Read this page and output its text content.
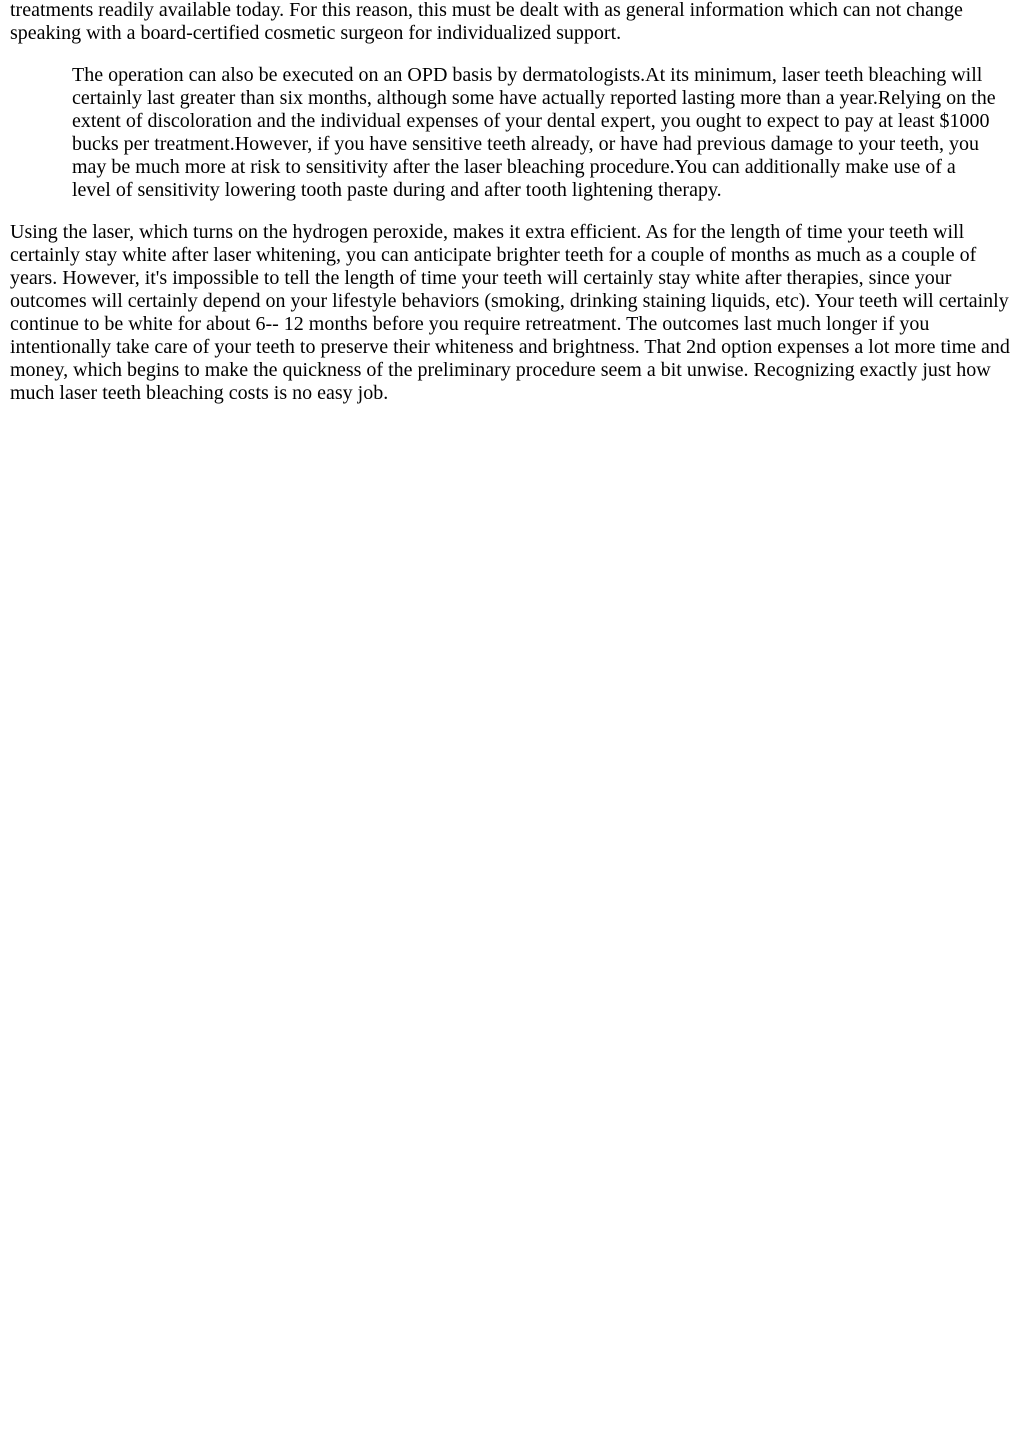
treatments readily available today. For this reason, this must be dealt with as general information which can not change speaking with a board-certified cosmetic surgeon for individualized support.

The operation can also be executed on an OPD basis by dermatologists.At its minimum, laser teeth bleaching will certainly last greater than six months, although some have actually reported lasting more than a year.Relying on the extent of discoloration and the individual expenses of your dental expert, you ought to expect to pay at least $1000 bucks per treatment.However, if you have sensitive teeth already, or have had previous damage to your teeth, you may be much more at risk to sensitivity after the laser bleaching procedure.You can additionally make use of a level of sensitivity lowering tooth paste during and after tooth lightening therapy.

Using the laser, which turns on the hydrogen peroxide, makes it extra efficient. As for the length of time your teeth will certainly stay white after laser whitening, you can anticipate brighter teeth for a couple of months as much as a couple of years. However, it's impossible to tell the length of time your teeth will certainly stay white after therapies, since your outcomes will certainly depend on your lifestyle behaviors (smoking, drinking staining liquids, etc). Your teeth will certainly continue to be white for about 6-- 12 months before you require retreatment. The outcomes last much longer if you intentionally take care of your teeth to preserve their whiteness and brightness. That 2nd option expenses a lot more time and money, which begins to make the quickness of the preliminary procedure seem a bit unwise. Recognizing exactly just how much laser teeth bleaching costs is no easy job.
